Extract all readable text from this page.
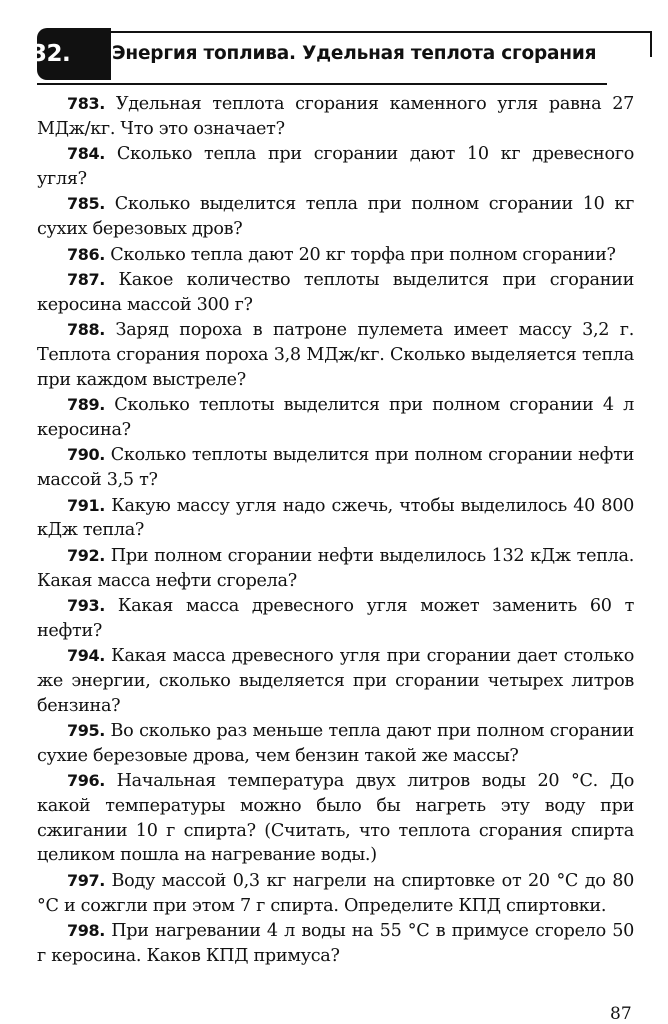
32. Энергия топлива. Удельная теплота сгорания

783. Удельная теплота сгорания каменного угля равна 27 МДж/кг. Что это означает?

784. Сколько тепла при сгорании дают 10 кг древесного угля?

785. Сколько выделится тепла при полном сгорании 10 кг сухих березовых дров?

786. Сколько тепла дают 20 кг торфа при полном сгорании?

787. Какое количество теплоты выделится при сгорании керосина массой 300 г?

788. Заряд пороха в патроне пулемета имеет массу 3,2 г. Теплота сгорания пороха 3,8 МДж/кг. Сколько выделяется тепла при каждом выстреле?

789. Сколько теплоты выделится при полном сгорании 4 л керосина?

790. Сколько теплоты выделится при полном сгорании нефти массой 3,5 т?

791. Какую массу угля надо сжечь, чтобы выделилось 40 800 кДж тепла?

792. При полном сгорании нефти выделилось 132 кДж тепла. Какая масса нефти сгорела?

793. Какая масса древесного угля может заменить 60 т нефти?

794. Какая масса древесного угля при сгорании дает столько же энергии, сколько выделяется при сгорании четырех литров бензина?

795. Во сколько раз меньше тепла дают при полном сгорании сухие березовые дрова, чем бензин такой же массы?

796. Начальная температура двух литров воды 20 °С. До какой температуры можно было бы нагреть эту воду при сжигании 10 г спирта? (Считать, что теплота сгорания спирта целиком пошла на нагревание воды.)

797. Воду массой 0,3 кг нагрели на спиртовке от 20 °С до 80 °С и сожгли при этом 7 г спирта. Определите КПД спиртовки.

798. При нагревании 4 л воды на 55 °С в примусе сгорело 50 г керосина. Каков КПД примуса?

87
